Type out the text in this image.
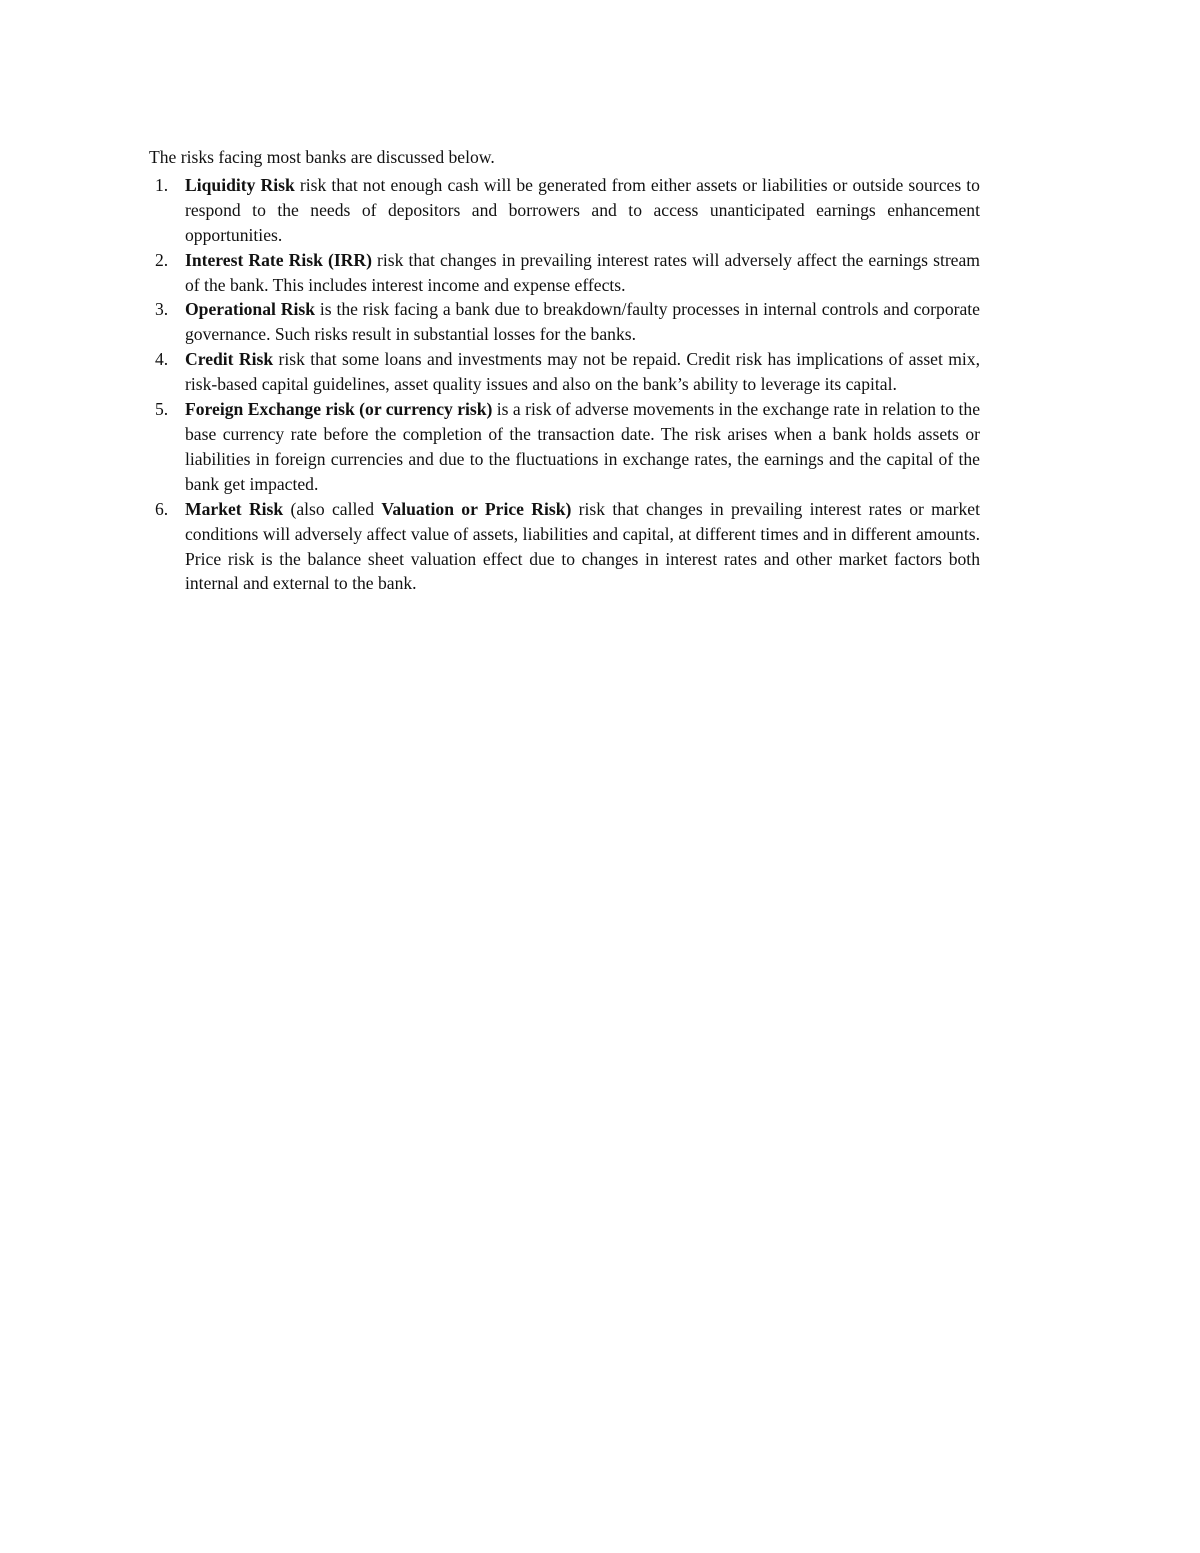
The risks facing most banks are discussed below.

1. Liquidity Risk risk that not enough cash will be generated from either assets or liabilities or outside sources to respond to the needs of depositors and borrowers and to access unanticipated earnings enhancement opportunities.
2. Interest Rate Risk (IRR) risk that changes in prevailing interest rates will adversely affect the earnings stream of the bank. This includes interest income and expense effects.
3. Operational Risk is the risk facing a bank due to breakdown/faulty processes in internal controls and corporate governance. Such risks result in substantial losses for the banks.
4. Credit Risk risk that some loans and investments may not be repaid. Credit risk has implications of asset mix, risk-based capital guidelines, asset quality issues and also on the bank’s ability to leverage its capital.
5. Foreign Exchange risk (or currency risk) is a risk of adverse movements in the exchange rate in relation to the base currency rate before the completion of the transaction date. The risk arises when a bank holds assets or liabilities in foreign currencies and due to the fluctuations in exchange rates, the earnings and the capital of the bank get impacted.
6. Market Risk (also called Valuation or Price Risk) risk that changes in prevailing interest rates or market conditions will adversely affect value of assets, liabilities and capital, at different times and in different amounts. Price risk is the balance sheet valuation effect due to changes in interest rates and other market factors both internal and external to the bank.
